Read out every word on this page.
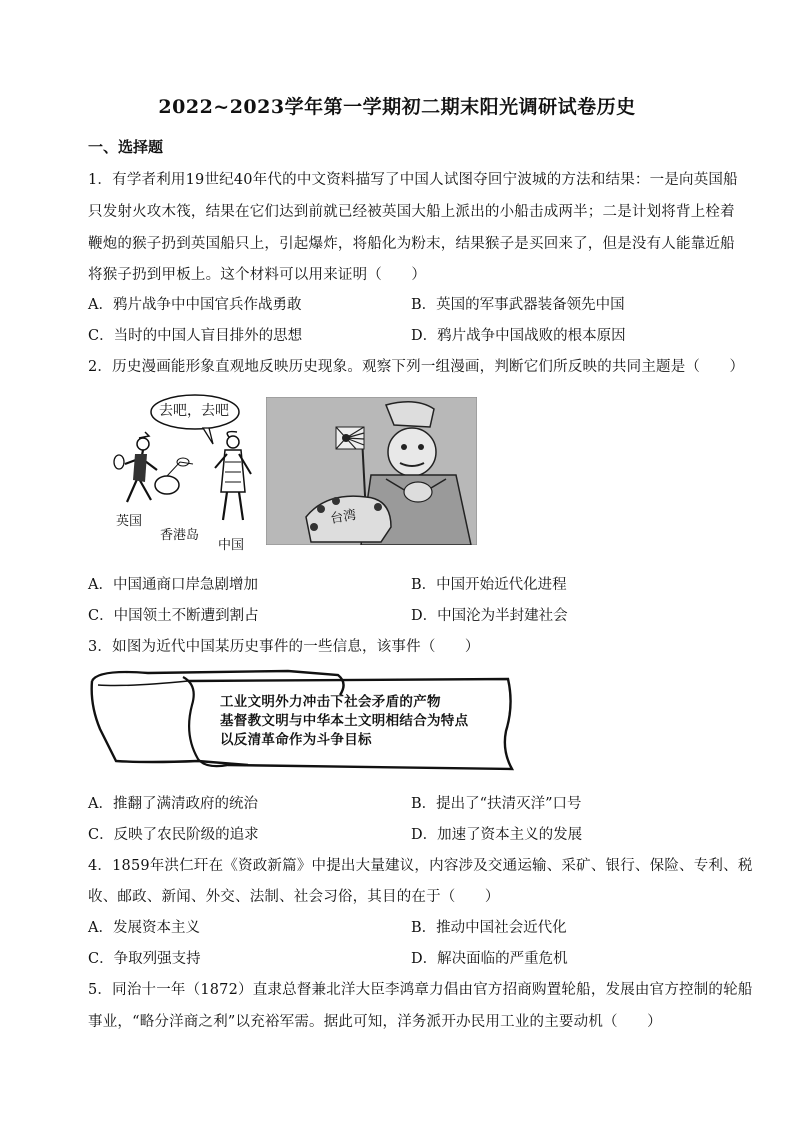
2022~2023学年第一学期初二期末阳光调研试卷历史
一、选择题
1．有学者利用19世纪40年代的中文资料描写了中国人试图夺回宁波城的方法和结果：一是向英国船
只发射火攻木筏，结果在它们达到前就已经被英国大船上派出的小船击成两半；二是计划将背上栓着
鞭炮的猴子扔到英国船只上，引起爆炸，将船化为粉末，结果猴子是买回来了，但是没有人能靠近船
将猴子扔到甲板上。这个材料可以用来证明（　　）
A．鸦片战争中中国官兵作战勇敢	B．英国的军事武器装备领先中国
C．当时的中国人盲目排外的思想	D．鸦片战争中国战败的根本原因
2．历史漫画能形象直观地反映历史现象。观察下列一组漫画，判断它们所反映的共同主题是（　　）
去吧，去吧
英国
香港岛
中国
台湾
A．中国通商口岸急剧增加	B．中国开始近代化进程
C．中国领土不断遭到割占	D．中国沦为半封建社会
3．如图为近代中国某历史事件的一些信息，该事件（　　）
工业文明外力冲击下社会矛盾的产物
基督教文明与中华本土文明相结合为特点
以反清革命作为斗争目标
A．推翻了满清政府的统治	B．提出了“扶清灭洋”口号
C．反映了农民阶级的追求	D．加速了资本主义的发展
4．1859年洪仁玕在《资政新篇》中提出大量建议，内容涉及交通运输、采矿、银行、保险、专利、税
收、邮政、新闻、外交、法制、社会习俗，其目的在于（　　）
A．发展资本主义	B．推动中国社会近代化
C．争取列强支持	D．解决面临的严重危机
5．同治十一年（1872）直隶总督兼北洋大臣李鸿章力倡由官方招商购置轮船，发展由官方控制的轮船
事业，“略分洋商之利”以充裕军需。据此可知，洋务派开办民用工业的主要动机（　　）
